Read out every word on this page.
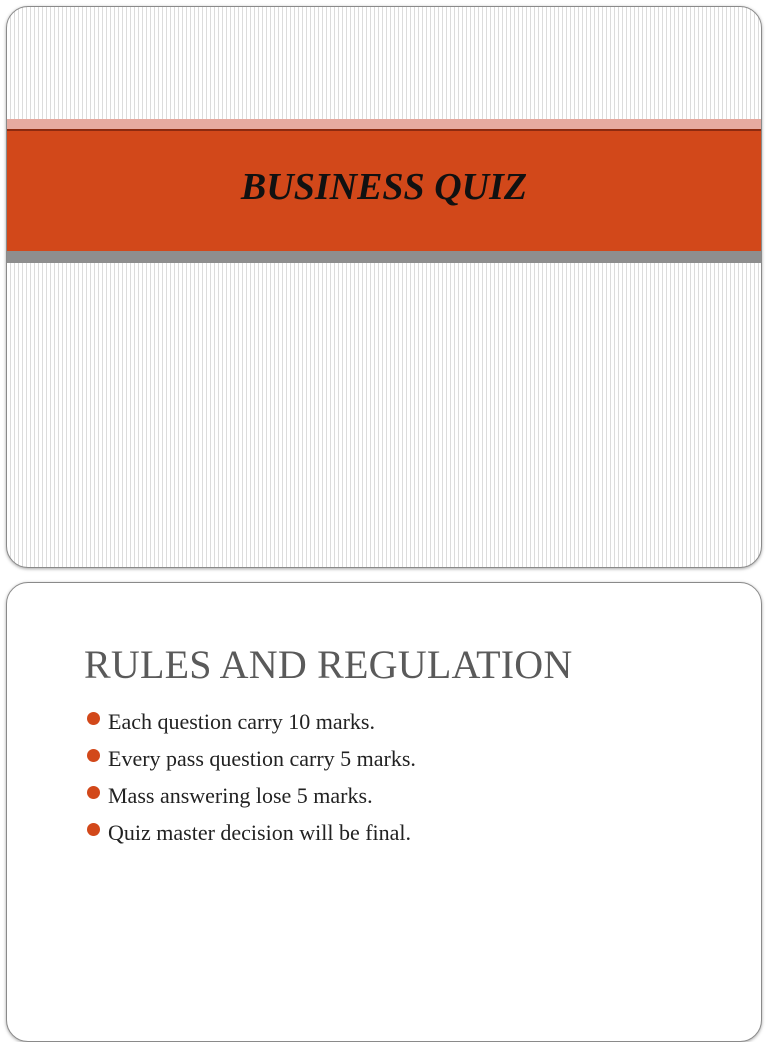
BUSINESS QUIZ
RULES AND REGULATION
Each question carry 10 marks.
Every pass question carry 5 marks.
Mass answering lose 5 marks.
Quiz master decision will be final.
